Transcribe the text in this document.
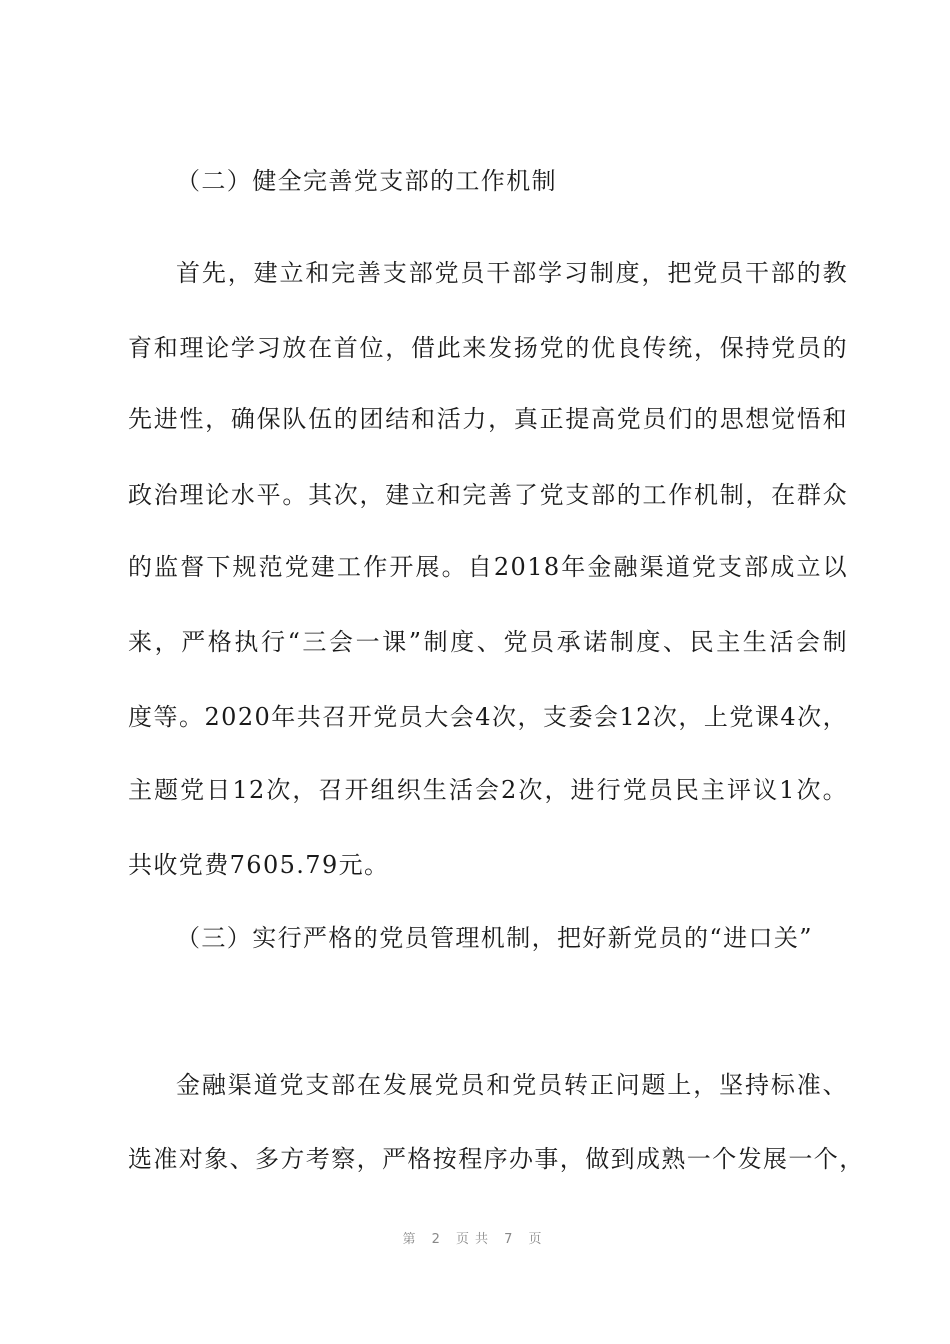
（二）健全完善党支部的工作机制
首先，建立和完善支部党员干部学习制度，把党员干部的教
育和理论学习放在首位，借此来发扬党的优良传统，保持党员的
先进性，确保队伍的团结和活力，真正提高党员们的思想觉悟和
政治理论水平。其次，建立和完善了党支部的工作机制，在群众
的监督下规范党建工作开展。自2018年金融渠道党支部成立以
来，严格执行“三会一课”制度、党员承诺制度、民主生活会制
度等。2020年共召开党员大会4次，支委会12次，上党课4次，
主题党日12次，召开组织生活会2次，进行党员民主评议1次。
共收党费7605.79元。
（三）实行严格的党员管理机制，把好新党员的“进口关”
金融渠道党支部在发展党员和党员转正问题上，坚持标准、
选准对象、多方考察，严格按程序办事，做到成熟一个发展一个，
第 2 页共 7 页
